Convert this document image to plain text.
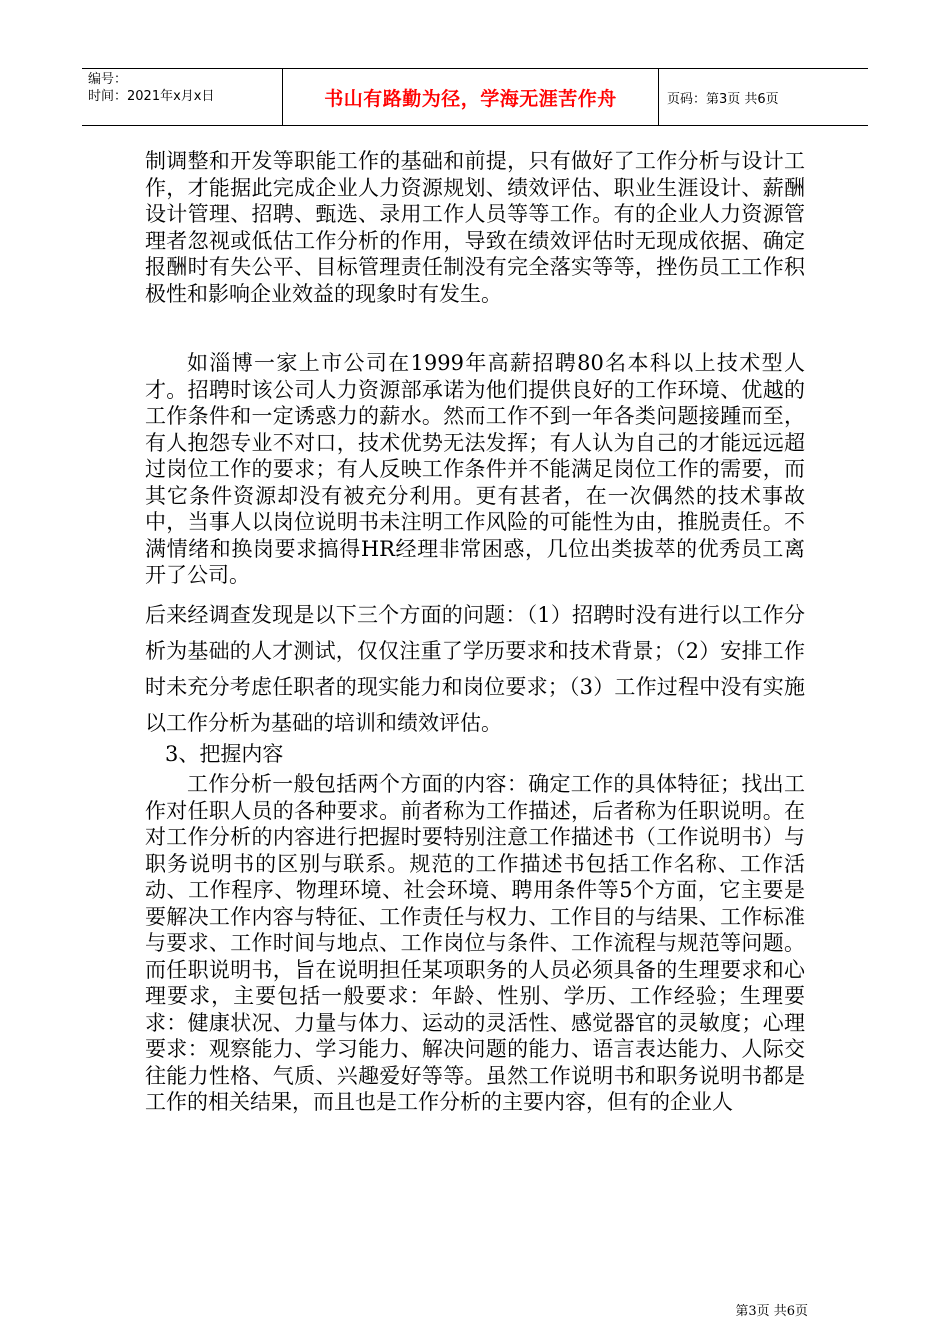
编号：
时间：2021年x月x日	书山有路勤为径，学海无涯苦作舟	页码：第3页 共6页

制调整和开发等职能工作的基础和前提，只有做好了工作分析与设计工作，才能据此完成企业人力资源规划、绩效评估、职业生涯设计、薪酬设计管理、招聘、甄选、录用工作人员等等工作。有的企业人力资源管理者忽视或低估工作分析的作用，导致在绩效评估时无现成依据、确定报酬时有失公平、目标管理责任制没有完全落实等等，挫伤员工工作积极性和影响企业效益的现象时有发生。

如淄博一家上市公司在1999年高薪招聘80名本科以上技术型人才。招聘时该公司人力资源部承诺为他们提供良好的工作环境、优越的工作条件和一定诱惑力的薪水。然而工作不到一年各类问题接踵而至，有人抱怨专业不对口，技术优势无法发挥；有人认为自己的才能远远超过岗位工作的要求；有人反映工作条件并不能满足岗位工作的需要，而其它条件资源却没有被充分利用。更有甚者，在一次偶然的技术事故中，当事人以岗位说明书未注明工作风险的可能性为由，推脱责任。不满情绪和换岗要求搞得HR经理非常困惑，几位出类拔萃的优秀员工离开了公司。

后来经调查发现是以下三个方面的问题：（1）招聘时没有进行以工作分析为基础的人才测试，仅仅注重了学历要求和技术背景；（2）安排工作时未充分考虑任职者的现实能力和岗位要求；（3）工作过程中没有实施以工作分析为基础的培训和绩效评估。

3、把握内容

工作分析一般包括两个方面的内容：确定工作的具体特征；找出工作对任职人员的各种要求。前者称为工作描述，后者称为任职说明。在对工作分析的内容进行把握时要特别注意工作描述书（工作说明书）与职务说明书的区别与联系。规范的工作描述书包括工作名称、工作活动、工作程序、物理环境、社会环境、聘用条件等5个方面，它主要是要解决工作内容与特征、工作责任与权力、工作目的与结果、工作标准与要求、工作时间与地点、工作岗位与条件、工作流程与规范等问题。而任职说明书，旨在说明担任某项职务的人员必须具备的生理要求和心理要求，主要包括一般要求：年龄、性别、学历、工作经验；生理要求：健康状况、力量与体力、运动的灵活性、感觉器官的灵敏度；心理要求：观察能力、学习能力、解决问题的能力、语言表达能力、人际交往能力性格、气质、兴趣爱好等等。虽然工作说明书和职务说明书都是工作的相关结果，而且也是工作分析的主要内容，但有的企业人

第3页 共6页
